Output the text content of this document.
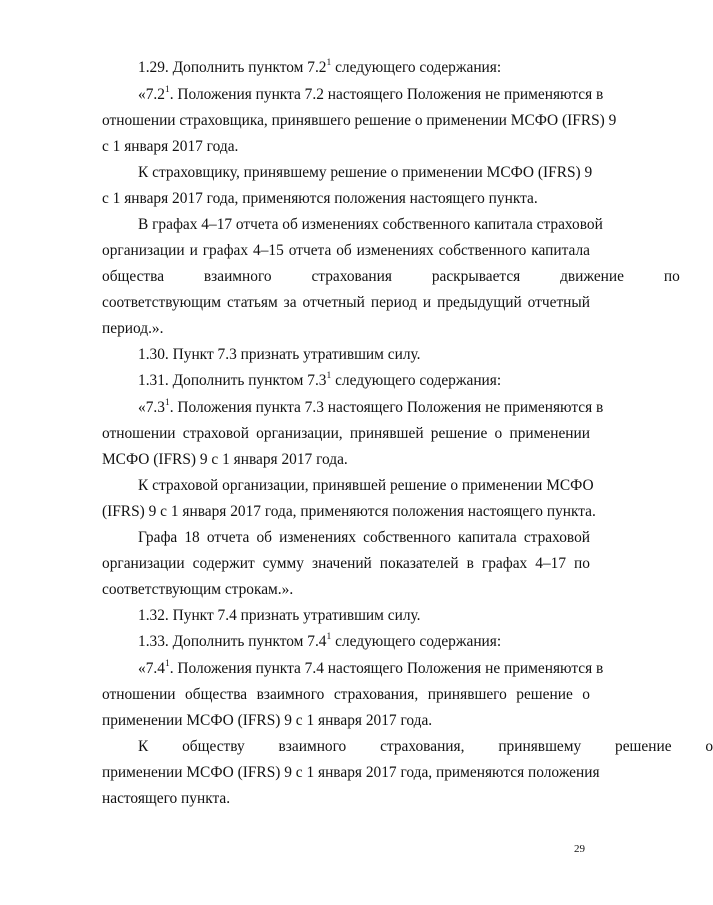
1.29. Дополнить пунктом $7.2^1$ следующего содержания:
«$7.2^1$. Положения пункта 7.2 настоящего Положения не применяются в
отношении страховщика, принявшего решение о применении МСФО (IFRS) 9
с 1 января 2017 года.
К страховщику, принявшему решение о применении МСФО (IFRS) 9
с 1 января 2017 года, применяются положения настоящего пункта.
В графах 4–17 отчета об изменениях собственного капитала страховой
организации и графах 4–15 отчета об изменениях собственного капитала
общества взаимного страхования раскрывается движение по
соответствующим статьям за отчетный период и предыдущий отчетный
период.».
1.30. Пункт 7.3 признать утратившим силу.
1.31. Дополнить пунктом $7.3^1$ следующего содержания:
«$7.3^1$. Положения пункта 7.3 настоящего Положения не применяются в
отношении страховой организации, принявшей решение о применении
МСФО (IFRS) 9 с 1 января 2017 года.
К страховой организации, принявшей решение о применении МСФО
(IFRS) 9 с 1 января 2017 года, применяются положения настоящего пункта.
Графа 18 отчета об изменениях собственного капитала страховой
организации содержит сумму значений показателей в графах 4–17 по
соответствующим строкам.».
1.32. Пункт 7.4 признать утратившим силу.
1.33. Дополнить пунктом $7.4^1$ следующего содержания:
«$7.4^1$. Положения пункта 7.4 настоящего Положения не применяются в
отношении общества взаимного страхования, принявшего решение о
применении МСФО (IFRS) 9 с 1 января 2017 года.
К обществу взаимного страхования, принявшему решение о
применении МСФО (IFRS) 9 с 1 января 2017 года, применяются положения
настоящего пункта.
29
